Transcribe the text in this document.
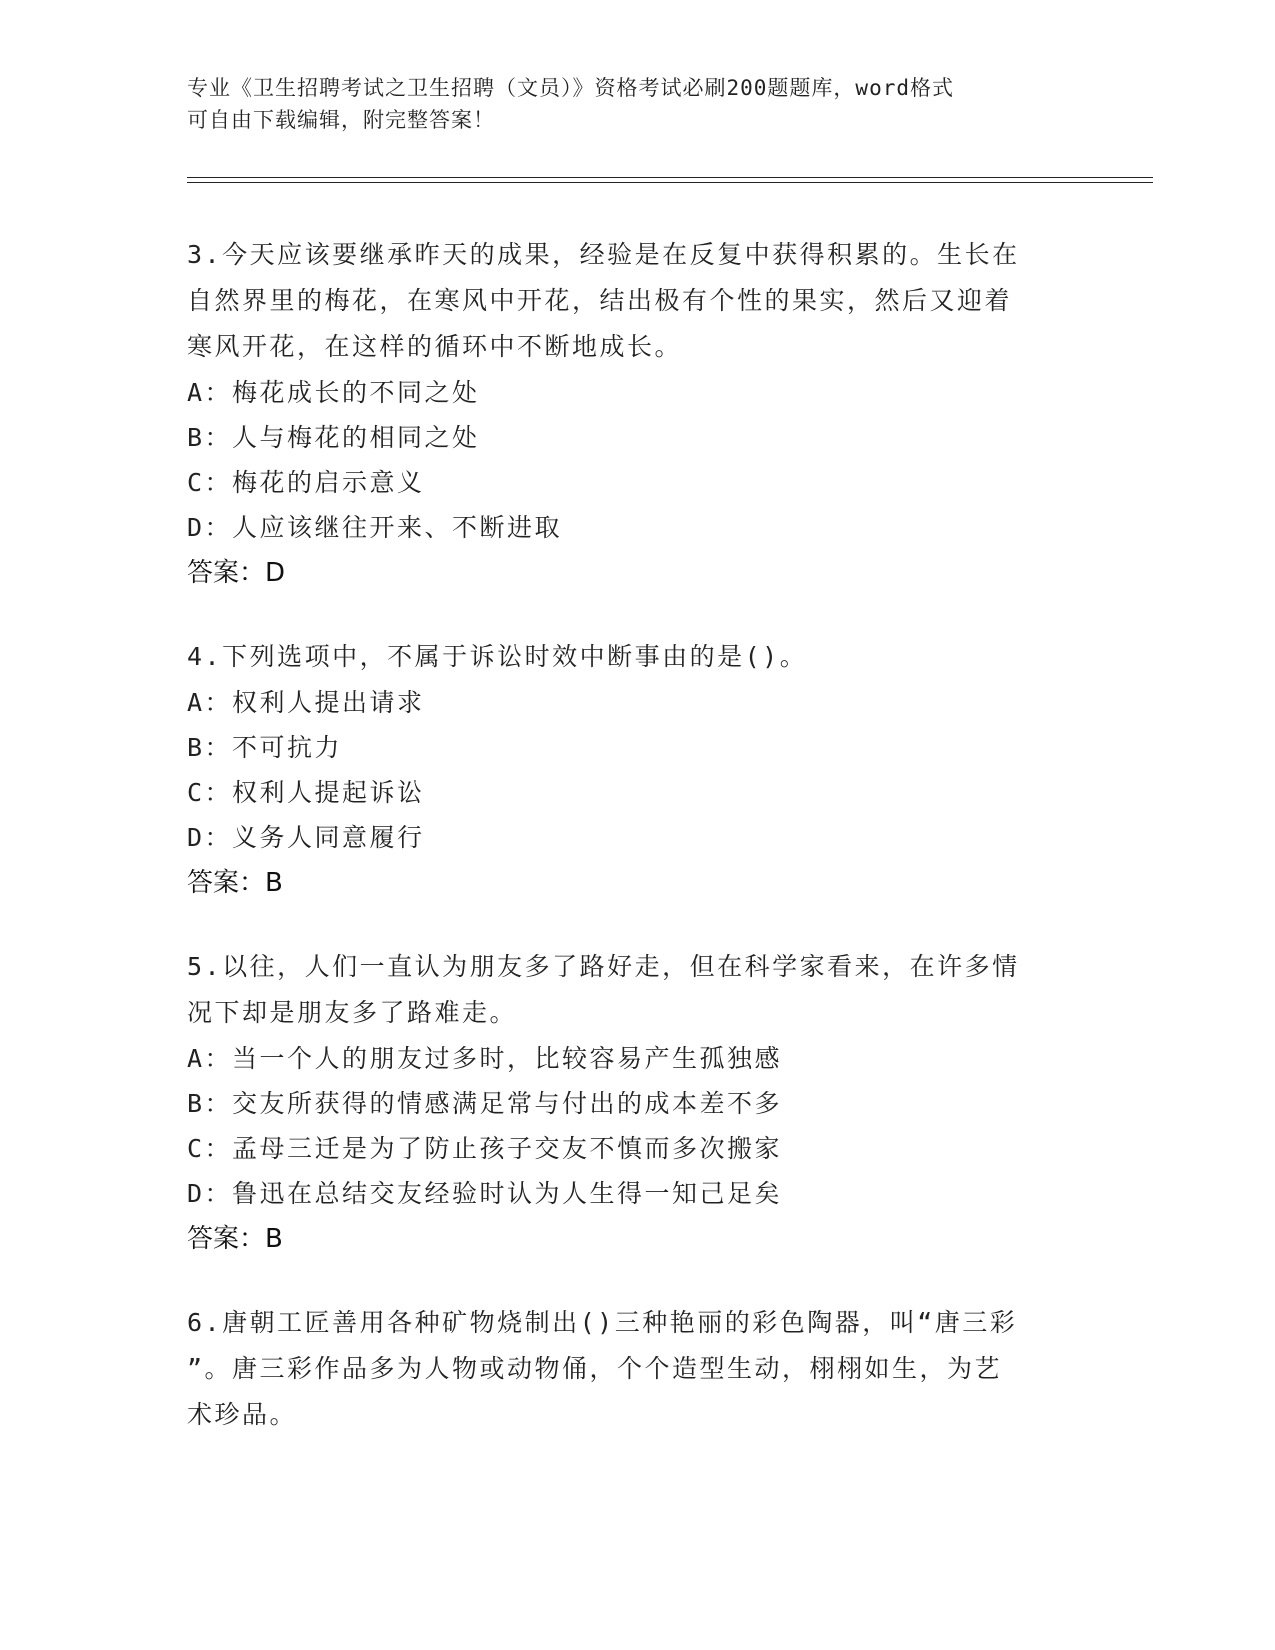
专业《卫生招聘考试之卫生招聘（文员）》资格考试必刷200题题库，word格式
可自由下载编辑，附完整答案！
3.今天应该要继承昨天的成果，经验是在反复中获得积累的。生长在
自然界里的梅花，在寒风中开花，结出极有个性的果实，然后又迎着
寒风开花，在这样的循环中不断地成长。
A：梅花成长的不同之处
B：人与梅花的相同之处
C：梅花的启示意义
D：人应该继往开来、不断进取
答案：D
4.下列选项中，不属于诉讼时效中断事由的是()。
A：权利人提出请求
B：不可抗力
C：权利人提起诉讼
D：义务人同意履行
答案：B
5.以往，人们一直认为朋友多了路好走，但在科学家看来，在许多情
况下却是朋友多了路难走。
A：当一个人的朋友过多时，比较容易产生孤独感
B：交友所获得的情感满足常与付出的成本差不多
C：孟母三迁是为了防止孩子交友不慎而多次搬家
D：鲁迅在总结交友经验时认为人生得一知己足矣
答案：B
6.唐朝工匠善用各种矿物烧制出()三种艳丽的彩色陶器，叫“唐三彩
”。唐三彩作品多为人物或动物俑，个个造型生动，栩栩如生，为艺
术珍品。
